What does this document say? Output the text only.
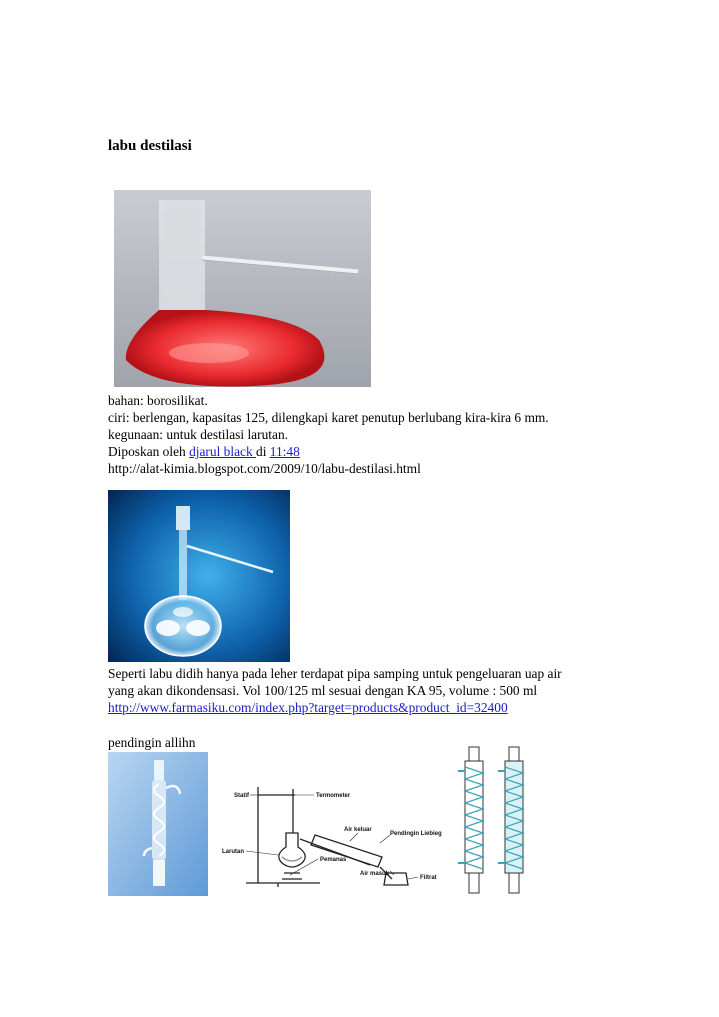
labu destilasi
bahan: borosilikat.
ciri: berlengan, kapasitas 125, dilengkapi karet penutup berlubang kira-kira 6 mm.
kegunaan: untuk destilasi larutan.
Diposkan oleh djarul black di 11:48
http://alat-kimia.blogspot.com/2009/10/labu-destilasi.html
Seperti labu didih hanya pada leher terdapat pipa samping untuk pengeluaran uap air
yang akan dikondensasi. Vol 100/125 ml sesuai dengan KA 95, volume : 500 ml
http://www.farmasiku.com/index.php?target=products&product_id=32400
pendingin allihn
Statif	Termometer
Air keluar
Pendingin Liebieg
Larutan
Pemanas
Air masuk
Filtrat
